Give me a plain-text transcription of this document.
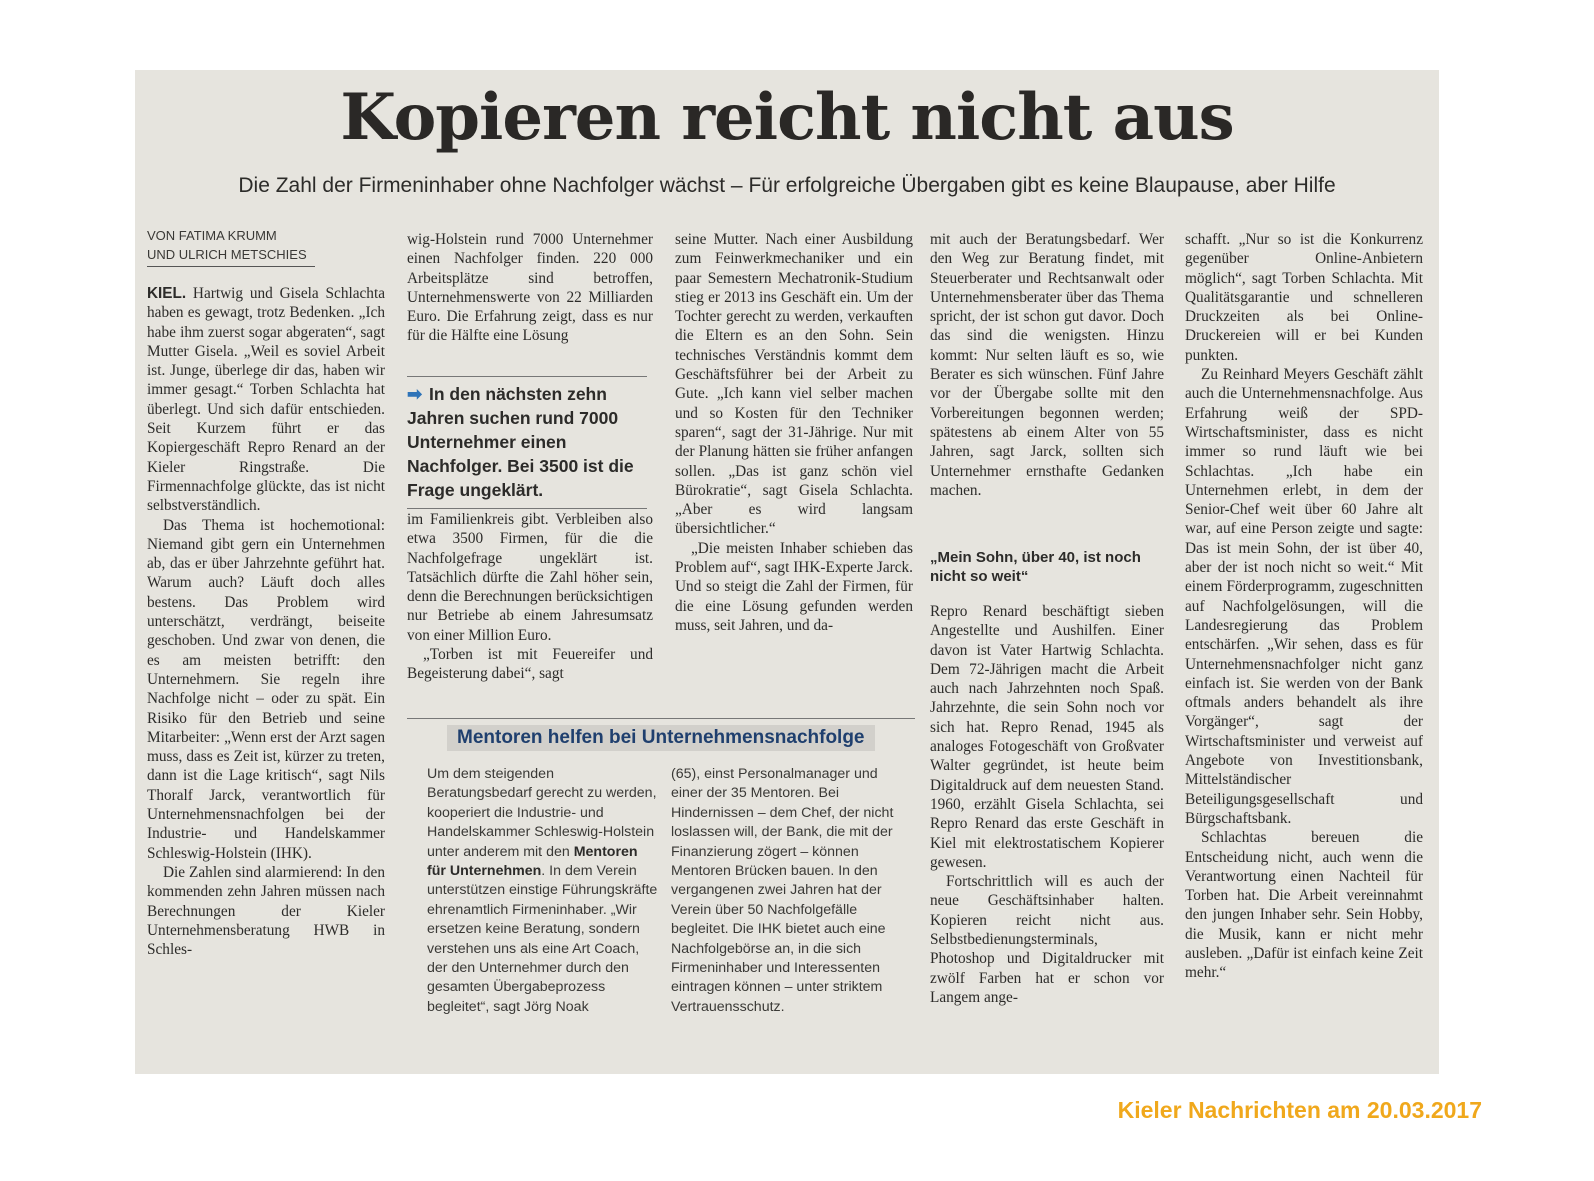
Kopieren reicht nicht aus
Die Zahl der Firmeninhaber ohne Nachfolger wächst – Für erfolgreiche Übergaben gibt es keine Blaupause, aber Hilfe
VON FATIMA KRUMM
UND ULRICH METSCHIES

KIEL. Hartwig und Gisela Schlachta haben es gewagt, trotz Bedenken. „Ich habe ihm zuerst sogar abgeraten“, sagt Mutter Gisela. „Weil es soviel Arbeit ist. Junge, überlege dir das, haben wir immer gesagt.“ Torben Schlachta hat überlegt. Und sich dafür entschieden. Seit Kurzem führt er das Kopiergeschäft Repro Renard an der Kieler Ringstraße. Die Firmennachfolge glückte, das ist nicht selbstverständlich.

Das Thema ist hochemotional: Niemand gibt gern ein Unternehmen ab, das er über Jahrzehnte geführt hat. Warum auch? Läuft doch alles bestens. Das Problem wird unterschätzt, verdrängt, beiseite geschoben. Und zwar von denen, die es am meisten betrifft: den Unternehmern. Sie regeln ihre Nachfolge nicht – oder zu spät. Ein Risiko für den Betrieb und seine Mitarbeiter: „Wenn erst der Arzt sagen muss, dass es Zeit ist, kürzer zu treten, dann ist die Lage kritisch“, sagt Nils Thoralf Jarck, verantwortlich für Unternehmensnachfolgen bei der Industrie- und Handelskammer Schleswig-Holstein (IHK).

Die Zahlen sind alarmierend: In den kommenden zehn Jahren müssen nach Berechnungen der Kieler Unternehmensberatung HWB in Schles-

wig-Holstein rund 7000 Unternehmer einen Nachfolger finden. 220 000 Arbeitsplätze sind betroffen, Unternehmenswerte von 22 Milliarden Euro. Die Erfahrung zeigt, dass es nur für die Hälfte eine Lösung

➡ In den nächsten zehn Jahren suchen rund 7000 Unternehmer einen Nachfolger. Bei 3500 ist die Frage ungeklärt.

im Familienkreis gibt. Verbleiben also etwa 3500 Firmen, für die die Nachfolgefrage ungeklärt ist. Tatsächlich dürfte die Zahl höher sein, denn die Berechnungen berücksichtigen nur Betriebe ab einem Jahresumsatz von einer Million Euro.

„Torben ist mit Feuereifer und Begeisterung dabei“, sagt

seine Mutter. Nach einer Ausbildung zum Feinwerkmechaniker und ein paar Semestern Mechatronik-Studium stieg er 2013 ins Geschäft ein. Um der Tochter gerecht zu werden, verkauften die Eltern es an den Sohn. Sein technisches Verständnis kommt dem Geschäftsführer bei der Arbeit zu Gute. „Ich kann viel selber machen und so Kosten für den Techniker sparen“, sagt der 31-Jährige. Nur mit der Planung hätten sie früher anfangen sollen. „Das ist ganz schön viel Bürokratie“, sagt Gisela Schlachta. „Aber es wird langsam übersichtlicher.“

„Die meisten Inhaber schieben das Problem auf“, sagt IHK-Experte Jarck. Und so steigt die Zahl der Firmen, für die eine Lösung gefunden werden muss, seit Jahren, und da-

mit auch der Beratungsbedarf. Wer den Weg zur Beratung findet, mit Steuerberater und Rechtsanwalt oder Unternehmensberater über das Thema spricht, der ist schon gut davor. Doch das sind die wenigsten. Hinzu kommt: Nur selten läuft es so, wie Berater es sich wünschen. Fünf Jahre vor der Übergabe sollte mit den Vorbereitungen begonnen werden; spätestens ab einem Alter von 55 Jahren, sagt Jarck, sollten sich Unternehmer ernsthafte Gedanken machen.

„Mein Sohn, über 40, ist noch nicht so weit“

Repro Renard beschäftigt sieben Angestellte und Aushilfen. Einer davon ist Vater Hartwig Schlachta. Dem 72-Jährigen macht die Arbeit auch nach Jahrzehnten noch Spaß. Jahrzehnte, die sein Sohn noch vor sich hat. Repro Renad, 1945 als analoges Fotogeschäft von Großvater Walter gegründet, ist heute beim Digitaldruck auf dem neuesten Stand. 1960, erzählt Gisela Schlachta, sei Repro Renard das erste Geschäft in Kiel mit elektrostatischem Kopierer gewesen.

Fortschrittlich will es auch der neue Geschäftsinhaber halten. Kopieren reicht nicht aus. Selbstbedienungsterminals, Photoshop und Digitaldrucker mit zwölf Farben hat er schon vor Langem ange-

schafft. „Nur so ist die Konkurrenz gegenüber Online-Anbietern möglich“, sagt Torben Schlachta. Mit Qualitätsgarantie und schnelleren Druckzeiten als bei Online-Druckereien will er bei Kunden punkten.

Zu Reinhard Meyers Geschäft zählt auch die Unternehmensnachfolge. Aus Erfahrung weiß der SPD-Wirtschaftsminister, dass es nicht immer so rund läuft wie bei Schlachtas. „Ich habe ein Unternehmen erlebt, in dem der Senior-Chef weit über 60 Jahre alt war, auf eine Person zeigte und sagte: Das ist mein Sohn, der ist über 40, aber der ist noch nicht so weit.“ Mit einem Förderprogramm, zugeschnitten auf Nachfolgelösungen, will die Landesregierung das Problem entschärfen. „Wir sehen, dass es für Unternehmensnachfolger nicht ganz einfach ist. Sie werden von der Bank oftmals anders behandelt als ihre Vorgänger“, sagt der Wirtschaftsminister und verweist auf Angebote von Investitionsbank, Mittelständischer Beteiligungsgesellschaft und Bürgschaftsbank.

Schlachtas bereuen die Entscheidung nicht, auch wenn die Verantwortung einen Nachteil für Torben hat. Die Arbeit vereinnahmt den jungen Inhaber sehr. Sein Hobby, die Musik, kann er nicht mehr ausleben. „Dafür ist einfach keine Zeit mehr.“

Mentoren helfen bei Unternehmensnachfolge
Um dem steigenden Beratungsbedarf gerecht zu werden, kooperiert die Industrie- und Handelskammer Schleswig-Holstein unter anderem mit den Mentoren für Unternehmen. In dem Verein unterstützen einstige Führungskräfte ehrenamtlich Firmeninhaber. „Wir ersetzen keine Beratung, sondern verstehen uns als eine Art Coach, der den Unternehmer durch den gesamten Übergabeprozess begleitet“, sagt Jörg Noak
(65), einst Personalmanager und einer der 35 Mentoren. Bei Hindernissen – dem Chef, der nicht loslassen will, der Bank, die mit der Finanzierung zögert – können Mentoren Brücken bauen. In den vergangenen zwei Jahren hat der Verein über 50 Nachfolgefälle begleitet. Die IHK bietet auch eine Nachfolgebörse an, in die sich Firmeninhaber und Interessenten eintragen können – unter striktem Vertrauensschutz.
Kieler Nachrichten am 20.03.2017
